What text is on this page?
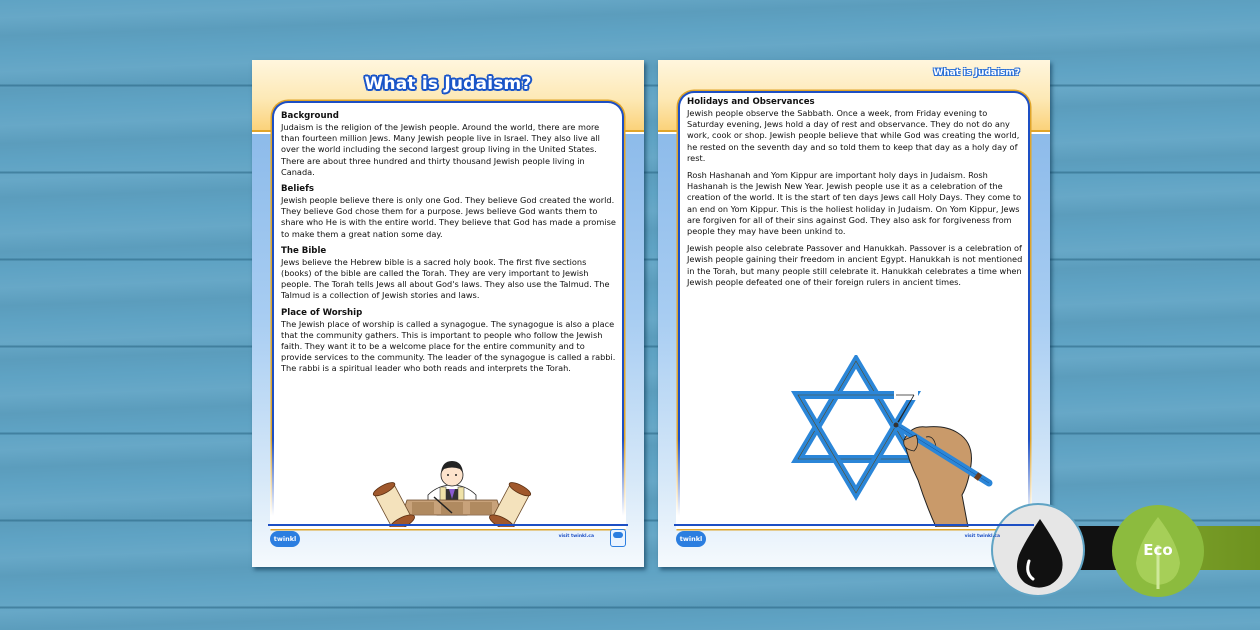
What is Judaism?
Background

Judaism is the religion of the Jewish people. Around the world, there are more than fourteen million Jews. Many Jewish people live in Israel. They also live all over the world including the second largest group living in the United States. There are about three hundred and thirty thousand Jewish people living in Canada.

Beliefs

Jewish people believe there is only one God. They believe God created the world. They believe God chose them for a purpose. Jews believe God wants them to share who He is with the entire world. They believe that God has made a promise to make them a great nation some day.

The Bible

Jews believe the Hebrew bible is a sacred holy book. The first five sections (books) of the bible are called the Torah. They are very important to Jewish people. The Torah tells Jews all about God's laws. They also use the Talmud. The Talmud is a collection of Jewish stories and laws.

Place of Worship

The Jewish place of worship is called a synagogue. The synagogue is also a place that the community gathers. This is important to people who follow the Jewish faith. They want it to be a welcome place for the entire community and to provide services to the community. The leader of the synagogue is called a rabbi. The rabbi is a spiritual leader who both reads and interprets the Torah.

twinkl	visit twinkl.ca
What is Judaism?
Holidays and Observances

Jewish people observe the Sabbath. Once a week, from Friday evening to Saturday evening, Jews hold a day of rest and observance. They do not do any work, cook or shop. Jewish people believe that while God was creating the world, he rested on the seventh day and so told them to keep that day as a holy day of rest.

Rosh Hashanah and Yom Kippur are important holy days in Judaism. Rosh Hashanah is the Jewish New Year. Jewish people use it as a celebration of the creation of the world. It is the start of ten days Jews call Holy Days. They come to an end on Yom Kippur. This is the holiest holiday in Judaism. On Yom Kippur, Jews are forgiven for all of their sins against God. They also ask for forgiveness from people they may have been unkind to.

Jewish people also celebrate Passover and Hanukkah. Passover is a celebration of Jewish people gaining their freedom in ancient Egypt. Hanukkah is not mentioned in the Torah, but many people still celebrate it. Hanukkah celebrates a time when Jewish people defeated one of their foreign rulers in ancient times.

twinkl	visit twinkl.ca
Eco
